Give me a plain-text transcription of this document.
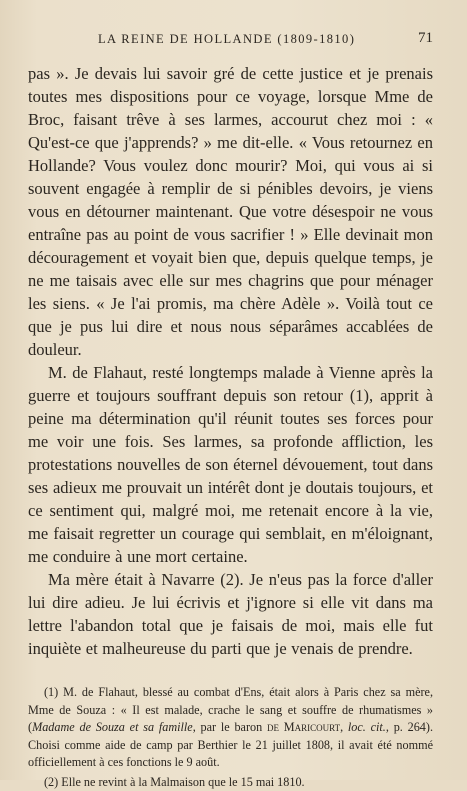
LA REINE DE HOLLANDE (1809-1810)	71

pas ». Je devais lui savoir gré de cette justice et je prenais toutes mes dispositions pour ce voyage, lorsque Mme de Broc, faisant trêve à ses larmes, accourut chez moi : « Qu'est-ce que j'apprends? » me dit-elle. « Vous retournez en Hollande? Vous voulez donc mourir? Moi, qui vous ai si souvent engagée à remplir de si pénibles devoirs, je viens vous en détourner maintenant. Que votre désespoir ne vous entraîne pas au point de vous sacrifier ! » Elle devinait mon découragement et voyait bien que, depuis quelque temps, je ne me taisais avec elle sur mes chagrins que pour ménager les siens. « Je l'ai promis, ma chère Adèle ». Voilà tout ce que je pus lui dire et nous nous séparâmes accablées de douleur.

M. de Flahaut, resté longtemps malade à Vienne après la guerre et toujours souffrant depuis son retour (1), apprit à peine ma détermination qu'il réunit toutes ses forces pour me voir une fois. Ses larmes, sa profonde affliction, les protestations nouvelles de son éternel dévouement, tout dans ses adieux me prouvait un intérêt dont je doutais toujours, et ce sentiment qui, malgré moi, me retenait encore à la vie, me faisait regretter un courage qui semblait, en m'éloignant, me conduire à une mort certaine.

Ma mère était à Navarre (2). Je n'eus pas la force d'aller lui dire adieu. Je lui écrivis et j'ignore si elle vit dans ma lettre l'abandon total que je faisais de moi, mais elle fut inquiète et malheureuse du parti que je venais de prendre.

(1) M. de Flahaut, blessé au combat d'Ens, était alors à Paris chez sa mère, Mme de Souza : « Il est malade, crache le sang et souffre de rhumatismes » (Madame de Souza et sa famille, par le baron de Maricourt, loc. cit., p. 264). Choisi comme aide de camp par Berthier le 21 juillet 1808, il avait été nommé officiellement à ces fonctions le 9 août.

(2) Elle ne revint à la Malmaison que le 15 mai 1810.
